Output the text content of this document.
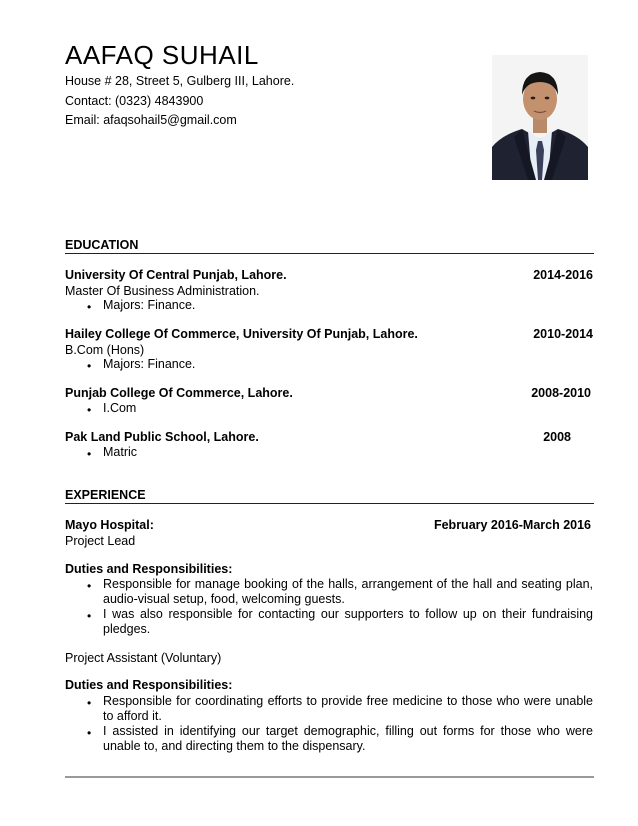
AAFAQ SUHAIL
House # 28, Street 5, Gulberg III, Lahore.
Contact: (0323) 4843900
Email: afaqsohail5@gmail.com
EDUCATION
University Of Central Punjab, Lahore.	2014-2016
Master Of Business Administration.
• Majors: Finance.
Hailey College Of Commerce, University Of Punjab, Lahore.	2010-2014
B.Com (Hons)
• Majors: Finance.
Punjab College Of Commerce, Lahore.	2008-2010
• I.Com
Pak Land Public School, Lahore.	2008
• Matric
EXPERIENCE
Mayo Hospital:	February 2016-March 2016
Project Lead
Duties and Responsibilities:
• Responsible for manage booking of the halls, arrangement of the hall and seating plan, audio-visual setup, food, welcoming guests.
• I was also responsible for contacting our supporters to follow up on their fundraising pledges.
Project Assistant (Voluntary)
Duties and Responsibilities:
• Responsible for coordinating efforts to provide free medicine to those who were unable to afford it.
• I assisted in identifying our target demographic, filling out forms for those who were unable to, and directing them to the dispensary.
